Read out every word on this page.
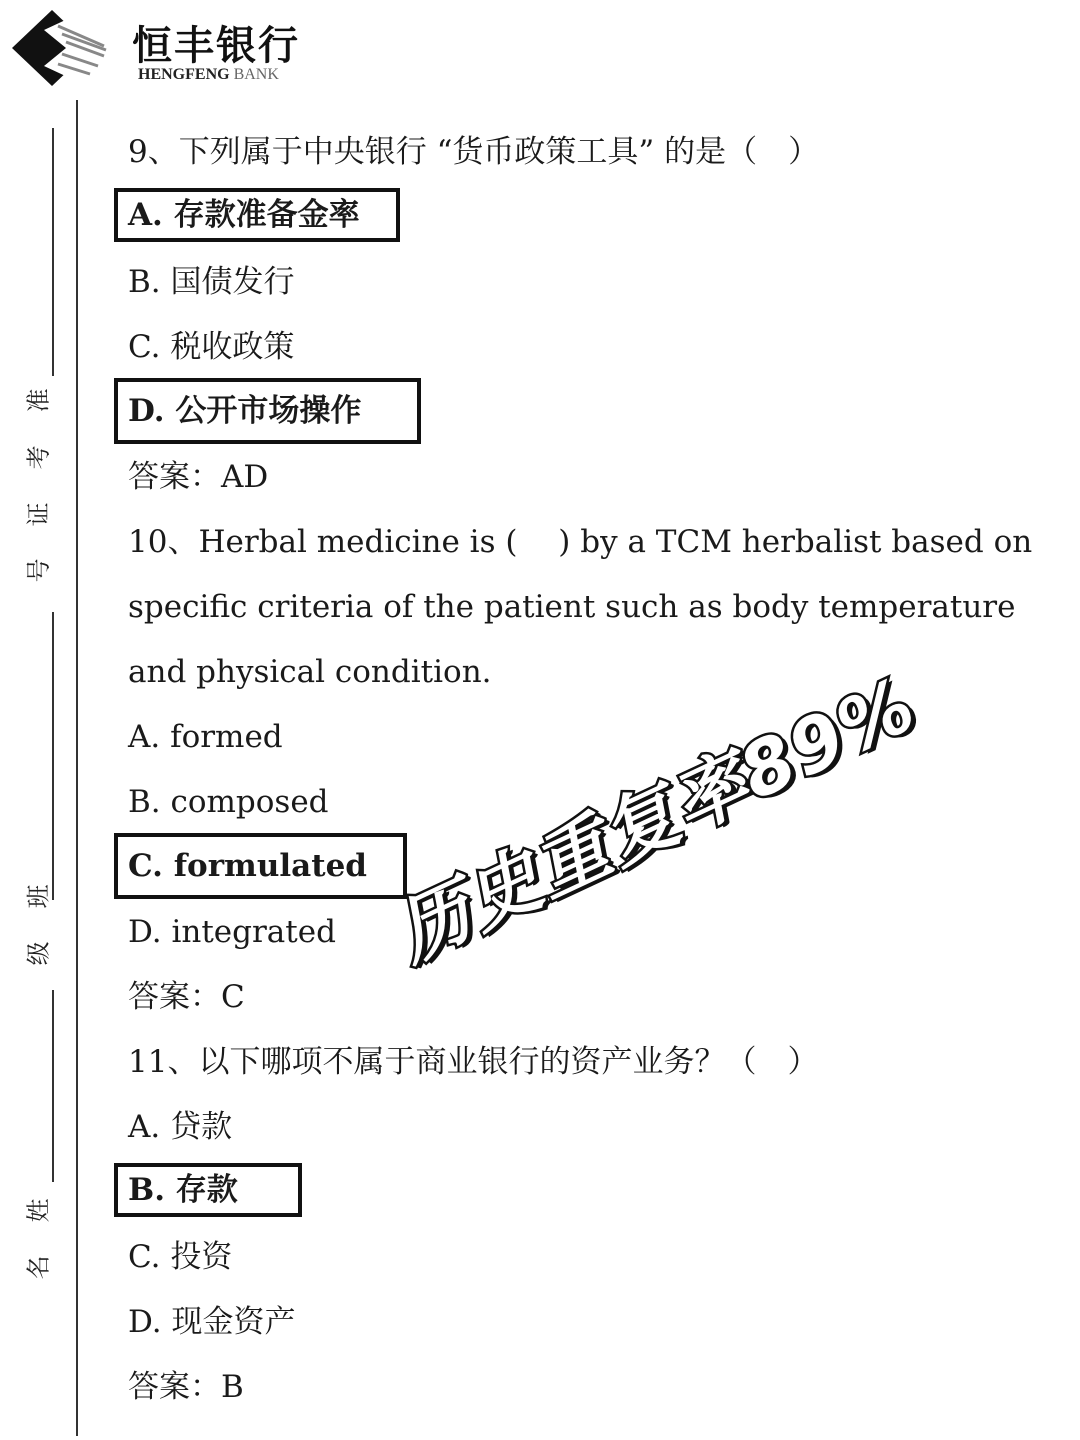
恒丰银行
HENGFENG BANK
准
考
证
号
班
级
姓
名
9、下列属于中央银行 “货币政策工具” 的是（　）
A. 存款准备金率
B. 国债发行
C. 税收政策
D. 公开市场操作
答案：AD
10、Herbal medicine is (　 ) by a TCM herbalist based on
specific criteria of the patient such as body temperature
and physical condition.
A. formed
B. composed
C. formulated
D. integrated
答案：C
11、以下哪项不属于商业银行的资产业务？（　）
A. 贷款
B. 存款
C. 投资
D. 现金资产
答案：B
历史重复率89%
